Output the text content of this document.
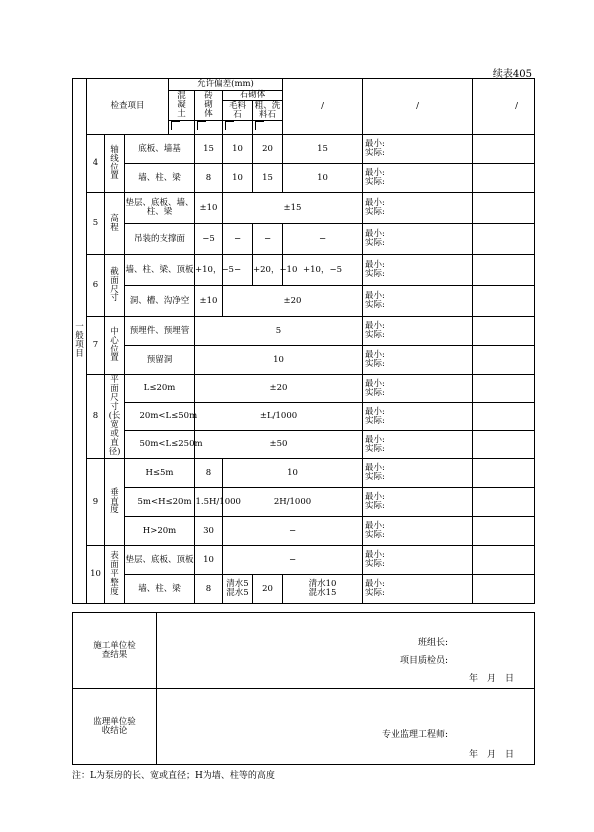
续表405
一般项目	检查项目			允许偏差(mm)				/	/	/	

				混凝土	砖砌体	石砌体					

						毛料石	粗、洗料石				

	4	轴线位置	底板、墙基		15	10	20	15	最小:
实际:		

			墙、柱、梁		8	10	15	10	最小:
实际:		

	5	高程	垫层、底板、墙、柱、梁		±10	±15			最小:
实际:		

			吊装的支撑面		−5	−	−	−	最小:
实际:		

	6	截面尺寸	墙、柱、梁、顶板		+10，−5	−	+20，−10	+10，−5	最小:
实际:		

			洞、槽、沟净空		±10	±20			最小:
实际:		

	7	中心位置	预埋件、预埋管		5				最小:
实际:		

			预留洞		10				最小:
实际:		

	8	平面尺寸(长宽或直径)	L≤20m		±20				最小:
实际:		

			20m<L≤50m		±L/1000				最小:
实际:		

			50m<L≤250m		±50				最小:
实际:		

	9	垂直度	H≤5m		8	10			最小:
实际:		

			5m<H≤20m		1.5H/1000	2H/1000			最小:
实际:		

			H>20m		30	−			最小:
实际:		

	10	表面平整度	垫层、底板、顶板		10	−			最小:
实际:		

			墙、柱、梁		8	清水5 混水5	20	清水10 混水15	最小:
实际:		

施工单位检查结果	班组长:
项目质检员:
年　月　日

监理单位验收结论	专业监理工程师:
年　月　日
注：L为泵房的长、宽或直径；H为墙、柱等的高度
